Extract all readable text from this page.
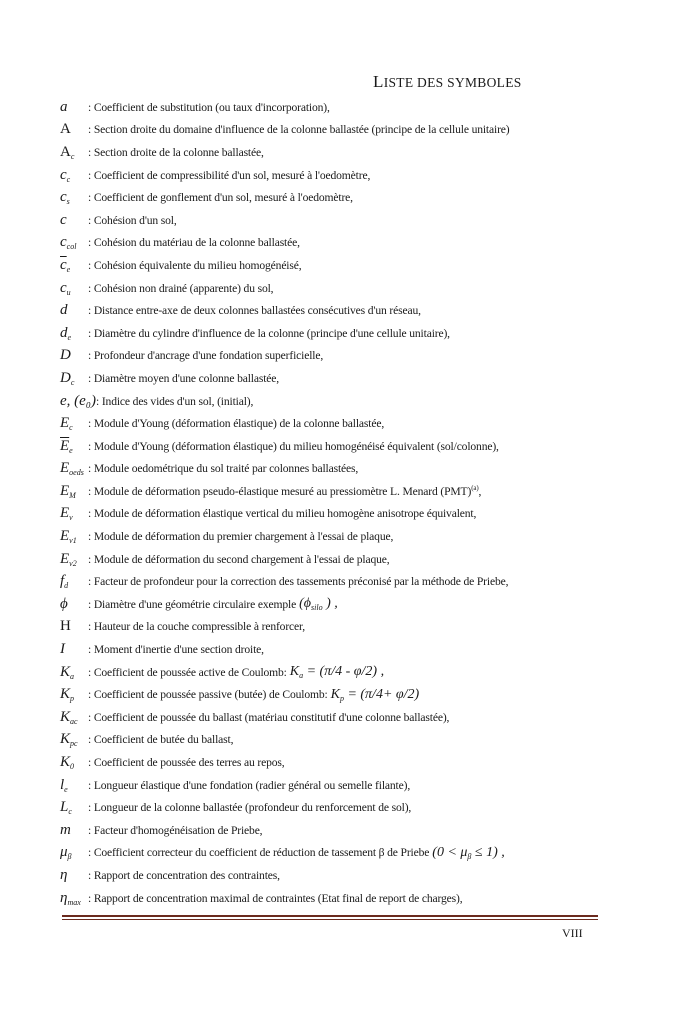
LISTE DES SYMBOLES
a	: Coefficient de substitution (ou taux d'incorporation),
A	: Section droite du domaine d'influence de la colonne ballastée (principe de la cellule unitaire)
$A_c$	: Section droite de la colonne ballastée,
$c_c$	: Coefficient de compressibilité d'un sol, mesuré à l'oedomètre,
$c_s$	: Coefficient de gonflement d'un sol, mesuré à l'oedomètre,
c	: Cohésion d'un sol,
$c_{col}$ : Cohésion du matériau de la colonne ballastée,
$\overline{c}_e$	: Cohésion équivalente du milieu homogénéisé,
$c_u$	: Cohésion non drainé (apparente) du sol,
d	: Distance entre-axe de deux colonnes ballastées consécutives d'un réseau,
$d_e$	: Diamètre du cylindre d'influence de la colonne (principe d'une cellule unitaire),
D	: Profondeur d'ancrage d'une fondation superficielle,
$D_c$	: Diamètre moyen d'une colonne ballastée,
e, (e₀) : Indice des vides d'un sol, (initial),
$E_c$	: Module d'Young (déformation élastique) de la colonne ballastée,
$\overline{E}_e$	: Module d'Young (déformation élastique) du milieu homogénéisé équivalent (sol/colonne),
$E_{oeds}$ : Module oedométrique du sol traité par colonnes ballastées,
$E_M$	: Module de déformation pseudo-élastique mesuré au pressiomètre L. Menard (PMT)$^{(a)}$,
$E_v$	: Module de déformation élastique vertical du milieu homogène anisotrope équivalent,
$E_{v1}$ : Module de déformation du premier chargement à l'essai de plaque,
$E_{v2}$ : Module de déformation du second chargement à l'essai de plaque,
$f_d$	: Facteur de profondeur pour la correction des tassements préconisé par la méthode de Priebe,
ϕ	: Diamètre d'une géométrie circulaire exemple ($\phi_{silo}$ ) ,
H	: Hauteur de la couche compressible à renforcer,
I	: Moment d'inertie d'une section droite,
$K_a$	: Coefficient de poussée active de Coulomb: $K_a = (\pi/4 - \varphi/2)$ ,
$K_p$	: Coefficient de poussée passive (butée) de Coulomb: $K_p = (\pi/4+ \varphi/2)$
$K_{ac}$ : Coefficient de poussée du ballast (matériau constitutif d'une colonne ballastée),
$K_{pc}$ : Coefficient de butée du ballast,
$K_0$	: Coefficient de poussée des terres au repos,
$l_e$	: Longueur élastique d'une fondation (radier général ou semelle filante),
$L_c$	: Longueur de la colonne ballastée (profondeur du renforcement de sol),
m	: Facteur d'homogénéisation de Priebe,
$\mu_\beta$	: Coefficient correcteur du coefficient de réduction de tassement β de Priebe $(0 < \mu_\beta \le 1)$ ,
η	: Rapport de concentration des contraintes,
$\eta_{max}$ : Rapport de concentration maximal de contraintes (Etat final de report de charges),
VIII
